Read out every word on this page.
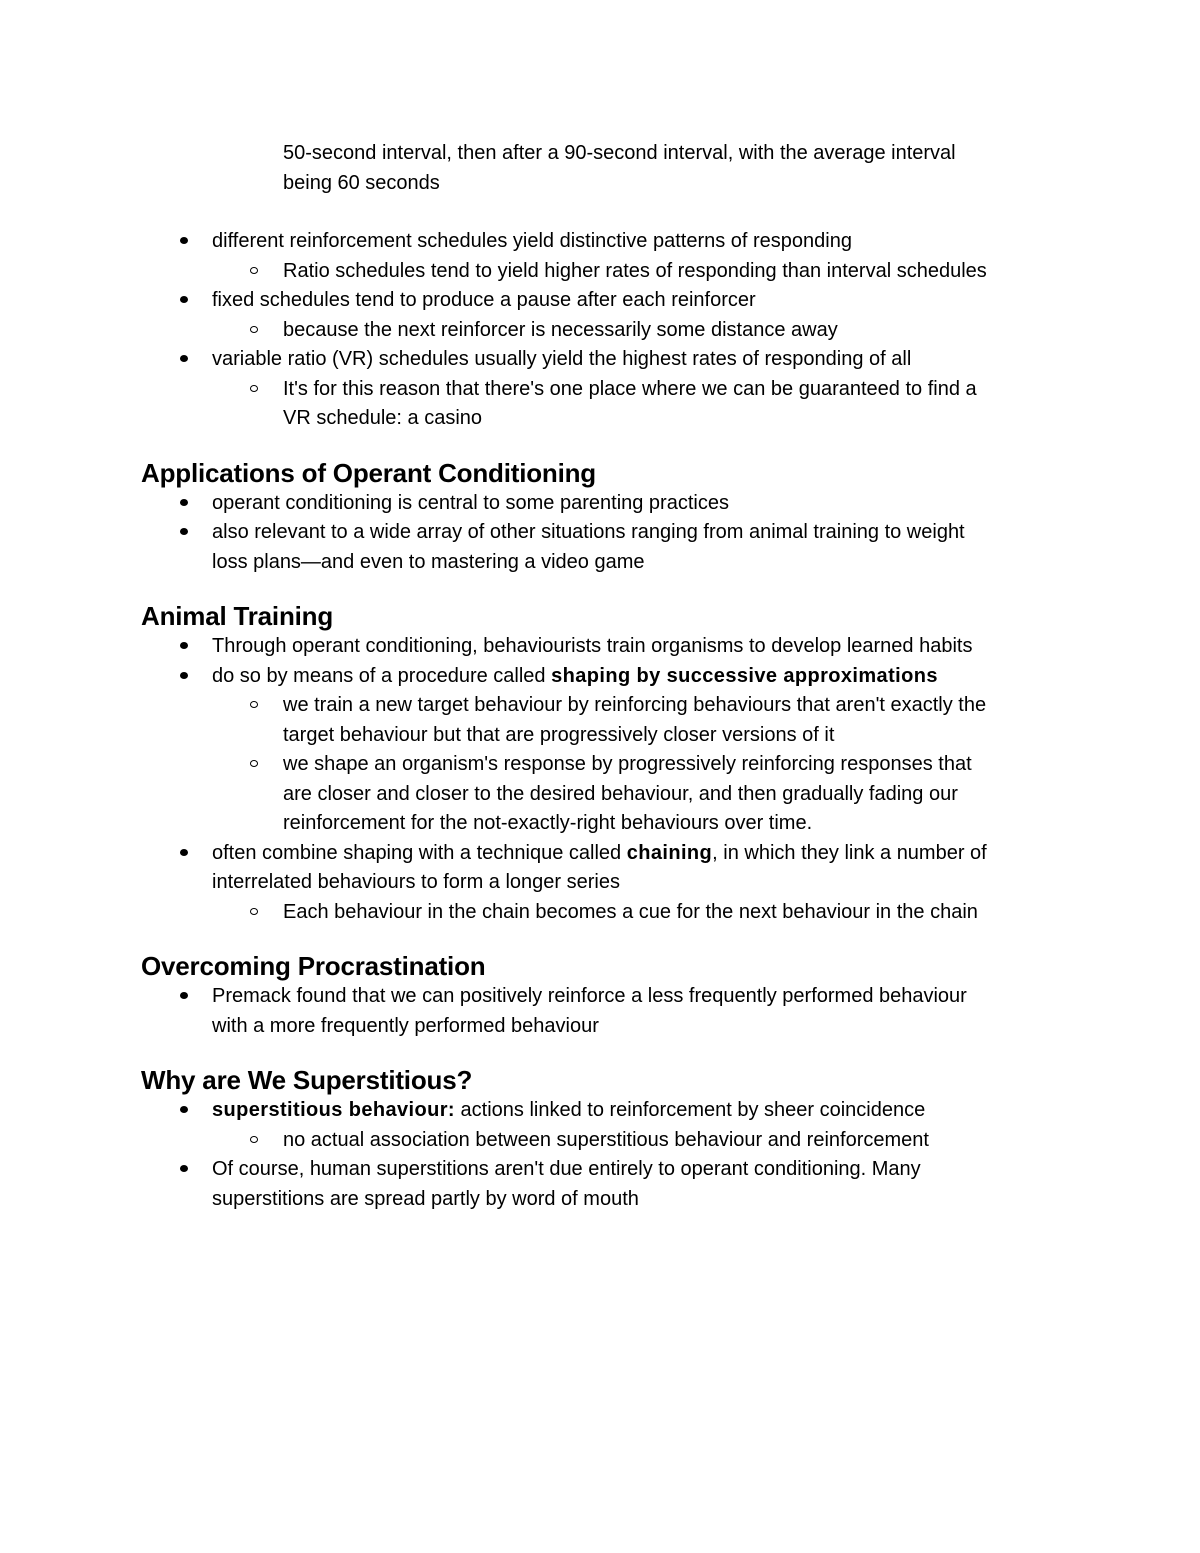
50-second interval, then after a 90-second interval, with the average interval
being 60 seconds
different reinforcement schedules yield distinctive patterns of responding
Ratio schedules tend to yield higher rates of responding than interval schedules
fixed schedules tend to produce a pause after each reinforcer
because the next reinforcer is necessarily some distance away
variable ratio (VR) schedules usually yield the highest rates of responding of all
It's for this reason that there's one place where we can be guaranteed to find a
VR schedule: a casino
Applications of Operant Conditioning
operant conditioning is central to some parenting practices
also relevant to a wide array of other situations ranging from animal training to weight
loss plans—and even to mastering a video game
Animal Training
Through operant conditioning, behaviourists train organisms to develop learned habits
do so by means of a procedure called shaping by successive approximations
we train a new target behaviour by reinforcing behaviours that aren't exactly the
target behaviour but that are progressively closer versions of it
we shape an organism's response by progressively reinforcing responses that
are closer and closer to the desired behaviour, and then gradually fading our
reinforcement for the not-exactly-right behaviours over time.
often combine shaping with a technique called chaining, in which they link a number of
interrelated behaviours to form a longer series
Each behaviour in the chain becomes a cue for the next behaviour in the chain
Overcoming Procrastination
Premack found that we can positively reinforce a less frequently performed behaviour
with a more frequently performed behaviour
Why are We Superstitious?
superstitious behaviour: actions linked to reinforcement by sheer coincidence
no actual association between superstitious behaviour and reinforcement
Of course, human superstitions aren't due entirely to operant conditioning. Many
superstitions are spread partly by word of mouth
